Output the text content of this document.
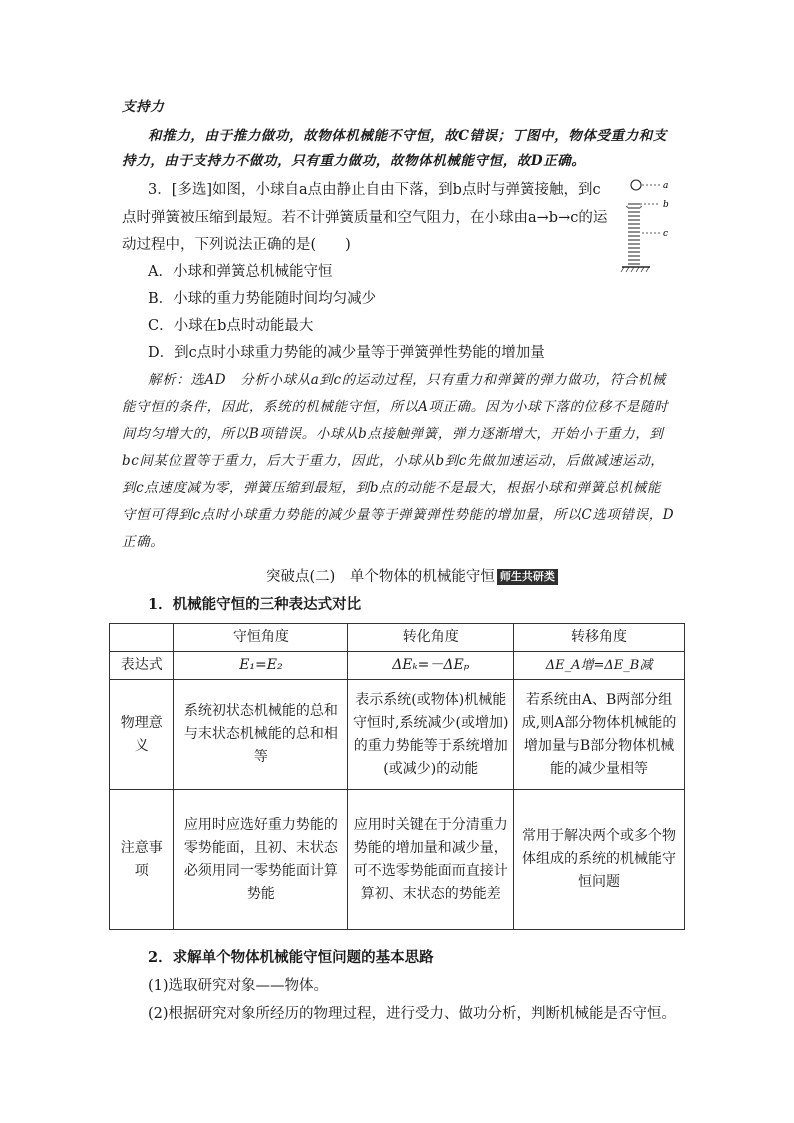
支持力
和推力，由于推力做功，故物体机械能不守恒，故C错误；丁图中，物体受重力和支
持力，由于支持力不做功，只有重力做功，故物体机械能守恒，故D正确。
3．[多选]如图，小球自a点由静止自由下落，到b点时与弹簧接触，到c
点时弹簧被压缩到最短。若不计弹簧质量和空气阻力，在小球由a→b→c的运
动过程中，下列说法正确的是(　　)
A．小球和弹簧总机械能守恒
B．小球的重力势能随时间均匀减少
C．小球在b点时动能最大
D．到c点时小球重力势能的减少量等于弹簧弹性势能的增加量
a
b
c
解析：选AD　分析小球从a到c的运动过程，只有重力和弹簧的弹力做功，符合机械
能守恒的条件，因此，系统的机械能守恒，所以A项正确。因为小球下落的位移不是随时
间均匀增大的，所以B项错误。小球从b点接触弹簧，弹力逐渐增大，开始小于重力，到
bc间某位置等于重力，后大于重力，因此，小球从b到c先做加速运动，后做减速运动，
到c点速度减为零，弹簧压缩到最短，到b点的动能不是最大，根据小球和弹簧总机械能
守恒可得到c点时小球重力势能的减少量等于弹簧弹性势能的增加量，所以C选项错误，D
正确。
突破点(二)　单个物体的机械能守恒 师生共研类
1．机械能守恒的三种表达式对比
	守恒角度	转化角度	转移角度
表达式	E₁=E₂	ΔEₖ=－ΔEₚ	ΔE_A增=ΔE_B减
物理意义	系统初状态机械能的总和与末状态机械能的总和相等	表示系统(或物体)机械能守恒时,系统减少(或增加)的重力势能等于系统增加(或减少)的动能	若系统由A、B两部分组成,则A部分物体机械能的增加量与B部分物体机械能的减少量相等
注意事项	应用时应选好重力势能的零势能面，且初、末状态必须用同一零势能面计算势能	应用时关键在于分清重力势能的增加量和减少量，可不选零势能面而直接计算初、末状态的势能差	常用于解决两个或多个物体组成的系统的机械能守恒问题
2．求解单个物体机械能守恒问题的基本思路
(1)选取研究对象——物体。
(2)根据研究对象所经历的物理过程，进行受力、做功分析，判断机械能是否守恒。
